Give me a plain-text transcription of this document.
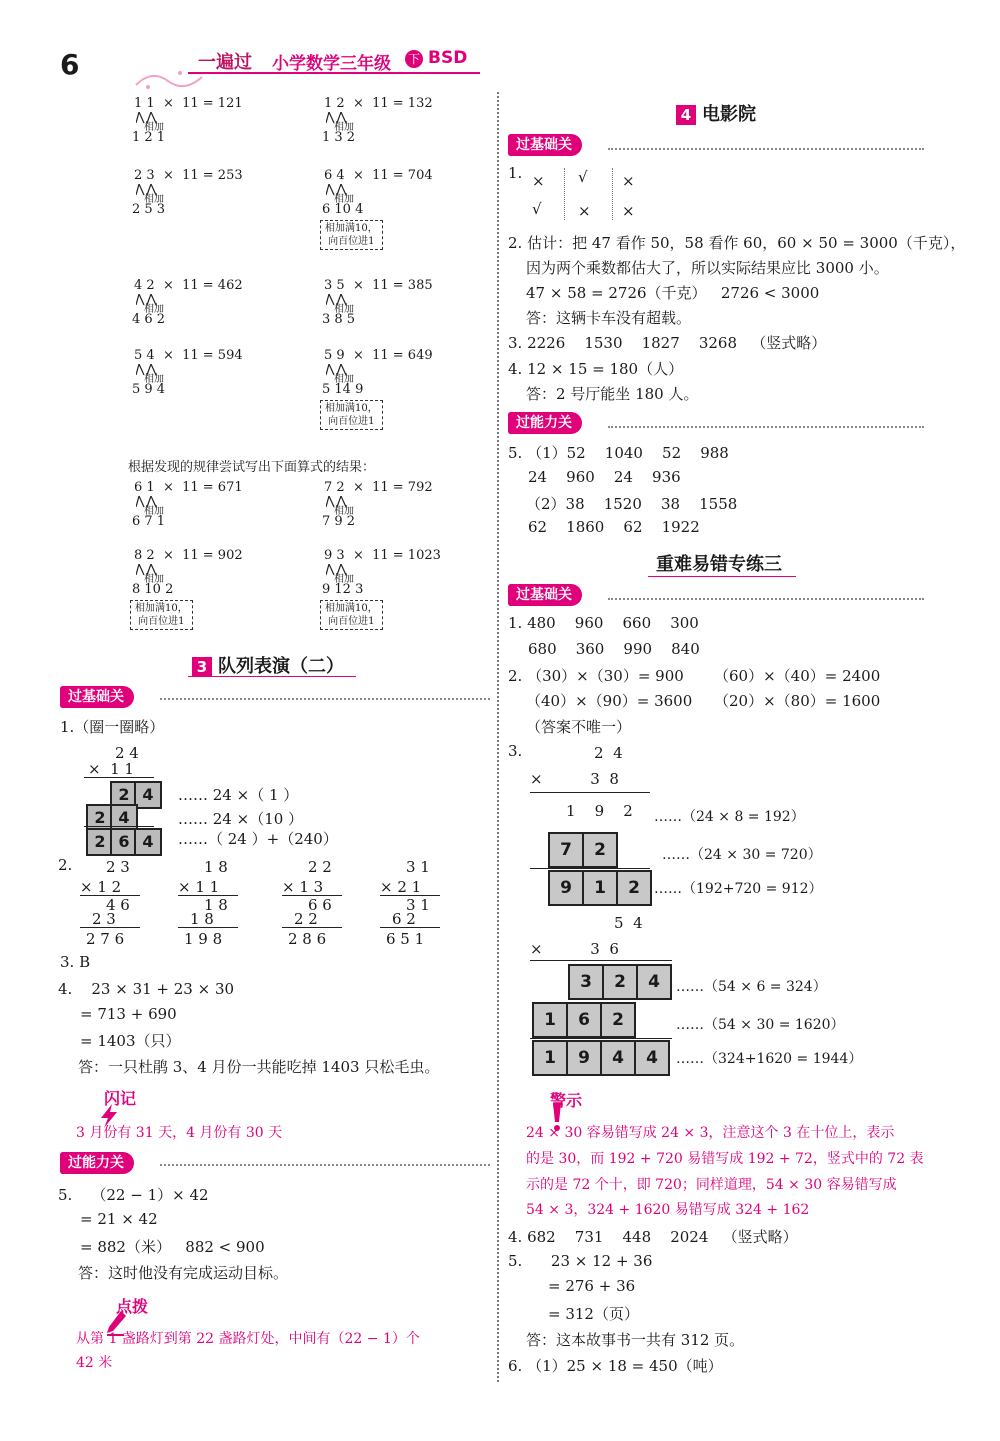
6

	一遍过 小学数学三年级 下 BSD
根据发现的规律尝试写出下面算式的结果：
3 队列表演（二）
过基础关
1.（圈一圈略）
2 4
×  1 1
2 4
2 4
2 6 4
…… 24 ×（ 1 ）
…… 24 ×（10 ）
……（ 24 ）+（240）
2.
3. B
4.    23 × 31 + 23 × 30
= 713 + 690
= 1403（只）
答：一只杜鹃 3、4 月份一共能吃掉 1403 只松毛虫。

闪记
3 月份有 31 天，4 月份有 30 天
过能力关
5.    （22 − 1）× 42
= 21 × 42
= 882（米）   882 < 900
答：这时他没有完成运动目标。

点拨
从第 1 盏路灯到第 22 盏路灯处，中间有（22 − 1）个
42 米
4 电影院
过基础关
1. × √ ×
√ × ×
2. 估计：把 47 看作 50，58 看作 60，60 × 50 = 3000（千克），
因为两个乘数都估大了，所以实际结果应比 3000 小。
47 × 58 = 2726（千克）   2726 < 3000
答：这辆卡车没有超载。
3. 2226    1530    1827    3268   （竖式略）
4. 12 × 15 = 180（人）
答：2 号厅能坐 180 人。
过能力关
5. （1）52    1040    52    988
24    960    24    936
（2）38    1520    38    1558
62    1860    62    1922
重难易错专练三
过基础关
1. 480    960    660    300
680    360    990    840
2. （30）×（30）= 900 （60）×（40）= 2400
（40）×（90）= 3600 （20）×（80）= 1600
（答案不唯一）
3.	2  4
×          3  8
1    9    2
7	2
9	1	2
……（24 × 8 = 192）
……（24 × 30 = 720）
……（192+720 = 912）
5  4
×          3  6
3	2	4
1	6	2
1	9	4	4
……（54 × 6 = 324）
……（54 × 30 = 1620）
……（324+1620 = 1944）

警示
24 × 30 容易错写成 24 × 3，注意这个 3 在十位上，表示
的是 30，而 192 + 720 易错写成 192 + 72，竖式中的 72 表
示的是 72 个十，即 720；同样道理，54 × 30 容易错写成
54 × 3，324 + 1620 易错写成 324 + 162
4. 682    731    448    2024   （竖式略）
5.      23 × 12 + 36
= 276 + 36
= 312（页）
答：这本故事书一共有 312 页。
6. （1）25 × 18 = 450（吨）
1 1  ×  11 = 121
相加
1 2 1
1 2  ×  11 = 132
相加
1 3 2
2 3  ×  11 = 253
相加
2 5 3
6 4  ×  11 = 704
相加
6 10 4
相加满10，
向百位进1
4 2  ×  11 = 462
相加
4 6 2
3 5  ×  11 = 385
相加
3 8 5
5 4  ×  11 = 594
相加
5 9 4
5 9  ×  11 = 649
相加
5 14 9
相加满10，
向百位进1
6 1  ×  11 = 671
相加
6 7 1
7 2  ×  11 = 792
相加
7 9 2
8 2  ×  11 = 902
相加
8 10 2
相加满10，
向百位进1
9 3  ×  11 = 1023
相加
9 12 3
相加满10，
向百位进1
2 3
× 1 2
4 6
2 3
2 7 6
1 8
× 1 1
1 8
1 8
1 9 8
2 2
× 1 3
6 6
2 2
2 8 6
3 1
× 2 1
3 1
6 2
6 5 1
